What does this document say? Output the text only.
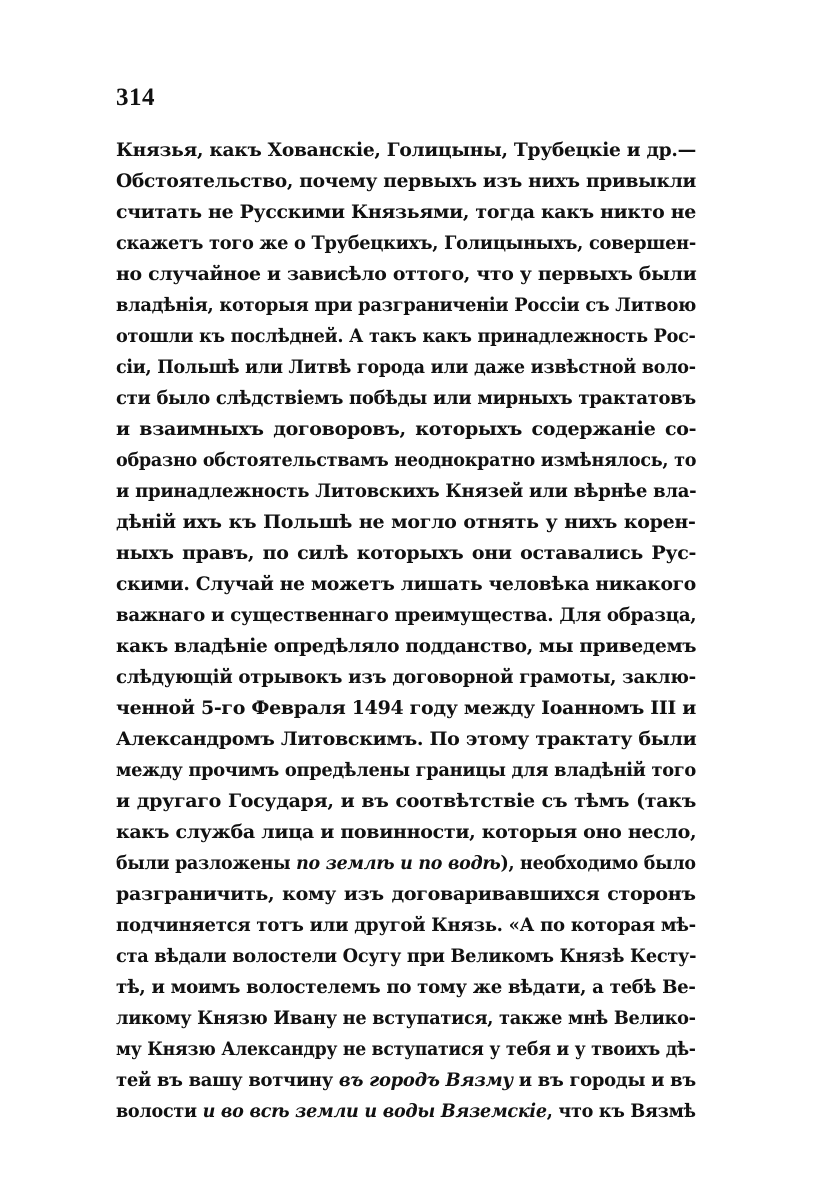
314
Князья, какъ Хованскіе, Голицыны, Трубецкіе и др.—
Обстоятельство, почему первыхъ изъ нихъ привыкли
считать не Русскими Князьями, тогда какъ никто не
скажетъ того же о Трубецкихъ, Голицыныхъ, совершен-
но случайное и зависѣло оттого, что у первыхъ были
владѣнія, которыя при разграниченіи Россіи съ Литвою
отошли къ послѣдней. А такъ какъ принадлежность Рос-
сіи, Польшѣ или Литвѣ города или даже извѣстной воло-
сти было слѣдствіемъ побѣды или мирныхъ трактатовъ
и взаимныхъ договоровъ, которыхъ содержаніе со-
образно обстоятельствамъ неоднократно измѣнялось, то
и принадлежность Литовскихъ Князей или вѣрнѣе вла-
дѣній ихъ къ Польшѣ не могло отнять у нихъ корен-
ныхъ правъ, по силѣ которыхъ они оставались Рус-
скими. Случай не можетъ лишать человѣка никакого
важнаго и существеннаго преимущества. Для образца,
какъ владѣніе опредѣляло подданство, мы приведемъ
слѣдующій отрывокъ изъ договорной грамоты, заклю-
ченной 5-го Февраля 1494 году между Іоанномъ III и
Александромъ Литовскимъ. По этому трактату были
между прочимъ опредѣлены границы для владѣній того
и другаго Государя, и въ соотвѣтствіе съ тѣмъ (такъ
какъ служба лица и повинности, которыя оно несло,
были разложены по землѣ и по водѣ), необходимо было
разграничить, кому изъ договаривавшихся сторонъ
подчиняется тотъ или другой Князь. «А по которая мѣ-
ста вѣдали волостели Осугу при Великомъ Князѣ Кесту-
тѣ, и моимъ волостелемъ по тому же вѣдати, а тебѣ Ве-
ликому Князю Ивану не вступатися, также мнѣ Велико-
му Князю Александру не вступатися у тебя и у твоихъ дѣ-
тей въ вашу вотчину въ городъ Вязму и въ городы и въ
волости и во всѣ земли и воды Вяземскіе, что къ Вязмѣ
